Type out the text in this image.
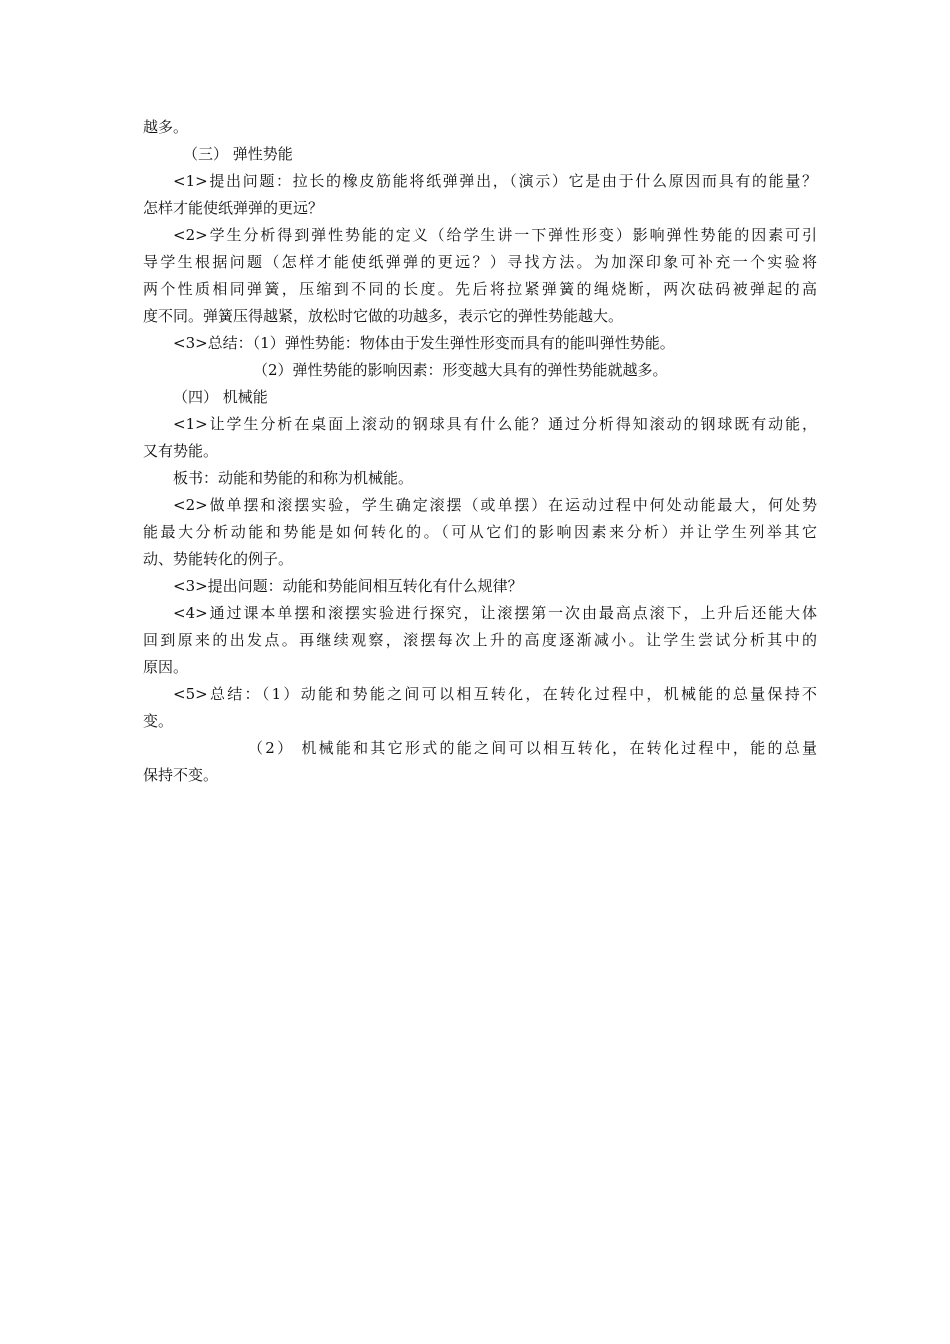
越多。
（三） 弹性势能
<1>提出问题：拉长的橡皮筋能将纸弹弹出，（演示）它是由于什么原因而具有的能量？
怎样才能使纸弹弹的更远？
<2>学生分析得到弹性势能的定义（给学生讲一下弹性形变）影响弹性势能的因素可引
导学生根据问题（怎样才能使纸弹弹的更远？）寻找方法。为加深印象可补充一个实验将
两个性质相同弹簧，压缩到不同的长度。先后将拉紧弹簧的绳烧断，两次砝码被弹起的高
度不同。弹簧压得越紧，放松时它做的功越多，表示它的弹性势能越大。
<3>总结：（1）弹性势能：物体由于发生弹性形变而具有的能叫弹性势能。
（2）弹性势能的影响因素：形变越大具有的弹性势能就越多。
（四） 机械能
<1>让学生分析在桌面上滚动的钢球具有什么能？通过分析得知滚动的钢球既有动能，
又有势能。
板书：动能和势能的和称为机械能。
<2>做单摆和滚摆实验，学生确定滚摆（或单摆）在运动过程中何处动能最大，何处势
能最大分析动能和势能是如何转化的。（可从它们的影响因素来分析）并让学生列举其它
动、势能转化的例子。
<3>提出问题：动能和势能间相互转化有什么规律？
<4>通过课本单摆和滚摆实验进行探究，让滚摆第一次由最高点滚下，上升后还能大体
回到原来的出发点。再继续观察，滚摆每次上升的高度逐渐减小。让学生尝试分析其中的
原因。
<5>总结：（1）动能和势能之间可以相互转化，在转化过程中，机械能的总量保持不
变。
（2） 机械能和其它形式的能之间可以相互转化，在转化过程中，能的总量
保持不变。
